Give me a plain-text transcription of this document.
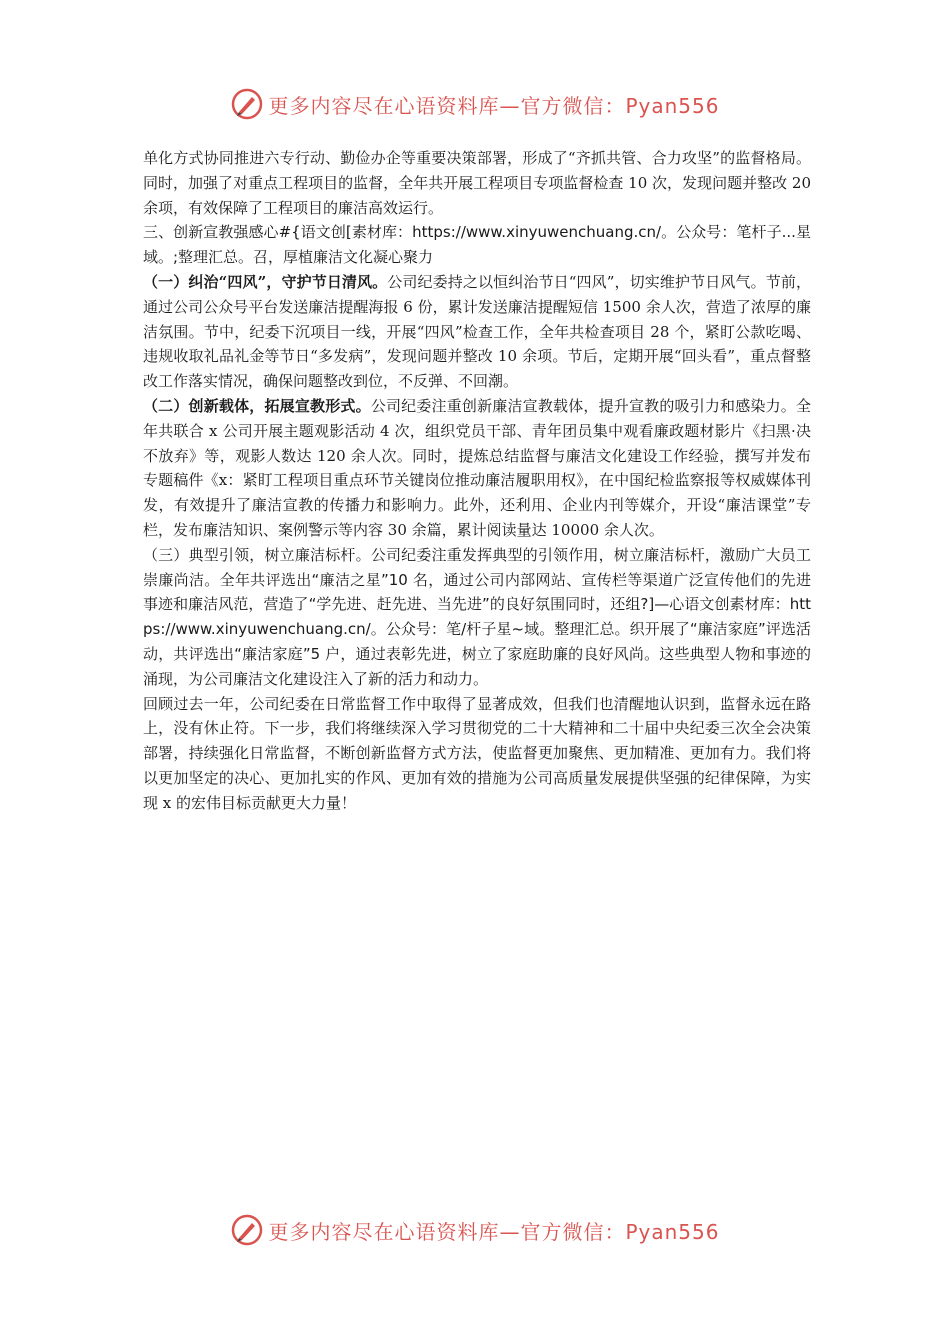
更多内容尽在心语资料库—官方微信：Pyan556

单化方式协同推进六专行动、勤俭办企等重要决策部署，形成了“齐抓共管、合力攻坚”的监督格局。同时，加强了对重点工程项目的监督，全年共开展工程项目专项监督检查 10 次，发现问题并整改 20 余项，有效保障了工程项目的廉洁高效运行。

三、创新宣教强感心#{语文创[素材库：https://www.xinyuwenchuang.cn/。公众号：笔杆子...星域。;整理汇总。召，厚植廉洁文化凝心聚力

（一）纠治“四风”，守护节日清风。公司纪委持之以恒纠治节日“四风”，切实维护节日风气。节前，通过公司公众号平台发送廉洁提醒海报 6 份，累计发送廉洁提醒短信 1500 余人次，营造了浓厚的廉洁氛围。节中，纪委下沉项目一线，开展“四风”检查工作，全年共检查项目 28 个，紧盯公款吃喝、违规收取礼品礼金等节日“多发病”，发现问题并整改 10 余项。节后，定期开展“回头看”，重点督整改工作落实情况，确保问题整改到位，不反弹、不回潮。

（二）创新载体，拓展宣教形式。公司纪委注重创新廉洁宣教载体，提升宣教的吸引力和感染力。全年共联合 x 公司开展主题观影活动 4 次，组织党员干部、青年团员集中观看廉政题材影片《扫黑·决不放弃》等，观影人数达 120 余人次。同时，提炼总结监督与廉洁文化建设工作经验，撰写并发布专题稿件《x：紧盯工程项目重点环节关键岗位推动廉洁履职用权》，在中国纪检监察报等权威媒体刊发，有效提升了廉洁宣教的传播力和影响力。此外，还利用、企业内刊等媒介，开设“廉洁课堂”专栏，发布廉洁知识、案例警示等内容 30 余篇，累计阅读量达 10000 余人次。

（三）典型引领，树立廉洁标杆。公司纪委注重发挥典型的引领作用，树立廉洁标杆，激励广大员工崇廉尚洁。全年共评选出“廉洁之星”10 名，通过公司内部网站、宣传栏等渠道广泛宣传他们的先进事迹和廉洁风范，营造了“学先进、赶先进、当先进”的良好氛围同时，还组?]—心语文创素材库：https://www.xinyuwenchuang.cn/。公众号：笔/杆子星~域。整理汇总。织开展了“廉洁家庭”评选活动，共评选出“廉洁家庭”5 户，通过表彰先进，树立了家庭助廉的良好风尚。这些典型人物和事迹的涌现，为公司廉洁文化建设注入了新的活力和动力。

回顾过去一年，公司纪委在日常监督工作中取得了显著成效，但我们也清醒地认识到，监督永远在路上，没有休止符。下一步，我们将继续深入学习贯彻党的二十大精神和二十届中央纪委三次全会决策部署，持续强化日常监督，不断创新监督方式方法，使监督更加聚焦、更加精准、更加有力。我们将以更加坚定的决心、更加扎实的作风、更加有效的措施为公司高质量发展提供坚强的纪律保障，为实现 x 的宏伟目标贡献更大力量！

更多内容尽在心语资料库—官方微信：Pyan556
